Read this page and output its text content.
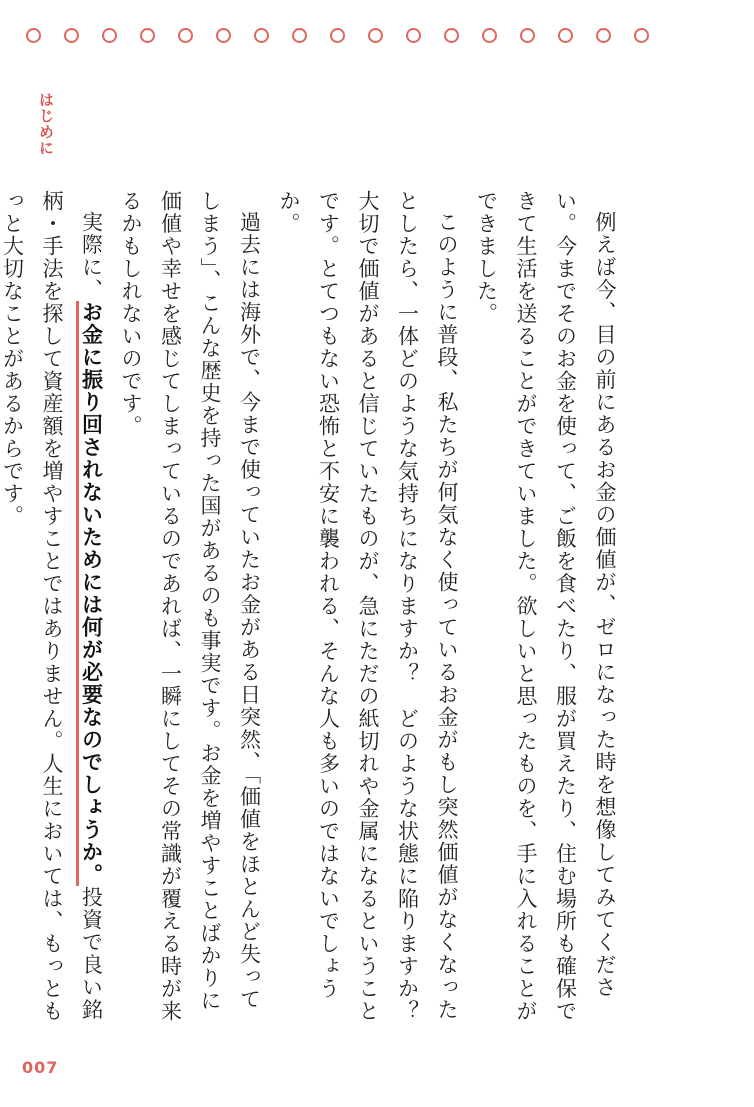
はじめに

例えば今、目の前にあるお金の価値が、ゼロになった時を想像してみてください。今までそのお金を使って、ご飯を食べたり、服が買えたり、住む場所も確保できて生活を送ることができていました。欲しいと思ったものを、手に入れることができました。

このように普段、私たちが何気なく使っているお金がもし突然価値がなくなったとしたら、一体どのような気持ちになりますか？　どのような状態に陥りますか？　大切で価値があると信じていたものが、急にただの紙切れや金属になるということです。とてつもない恐怖と不安に襲われる、そんな人も多いのではないでしょうか。

過去には海外で、今まで使っていたお金がある日突然、「価値をほとんど失ってしまう」、こんな歴史を持った国があるのも事実です。お金を増やすことばかりに価値や幸せを感じてしまっているのであれば、一瞬にしてその常識が覆える時が来るかもしれないのです。

実際に、お金に振り回されないためには何が必要なのでしょうか。投資で良い銘柄・手法を探して資産額を増やすことではありません。人生においては、もっともっと大切なことがあるからです。

007
